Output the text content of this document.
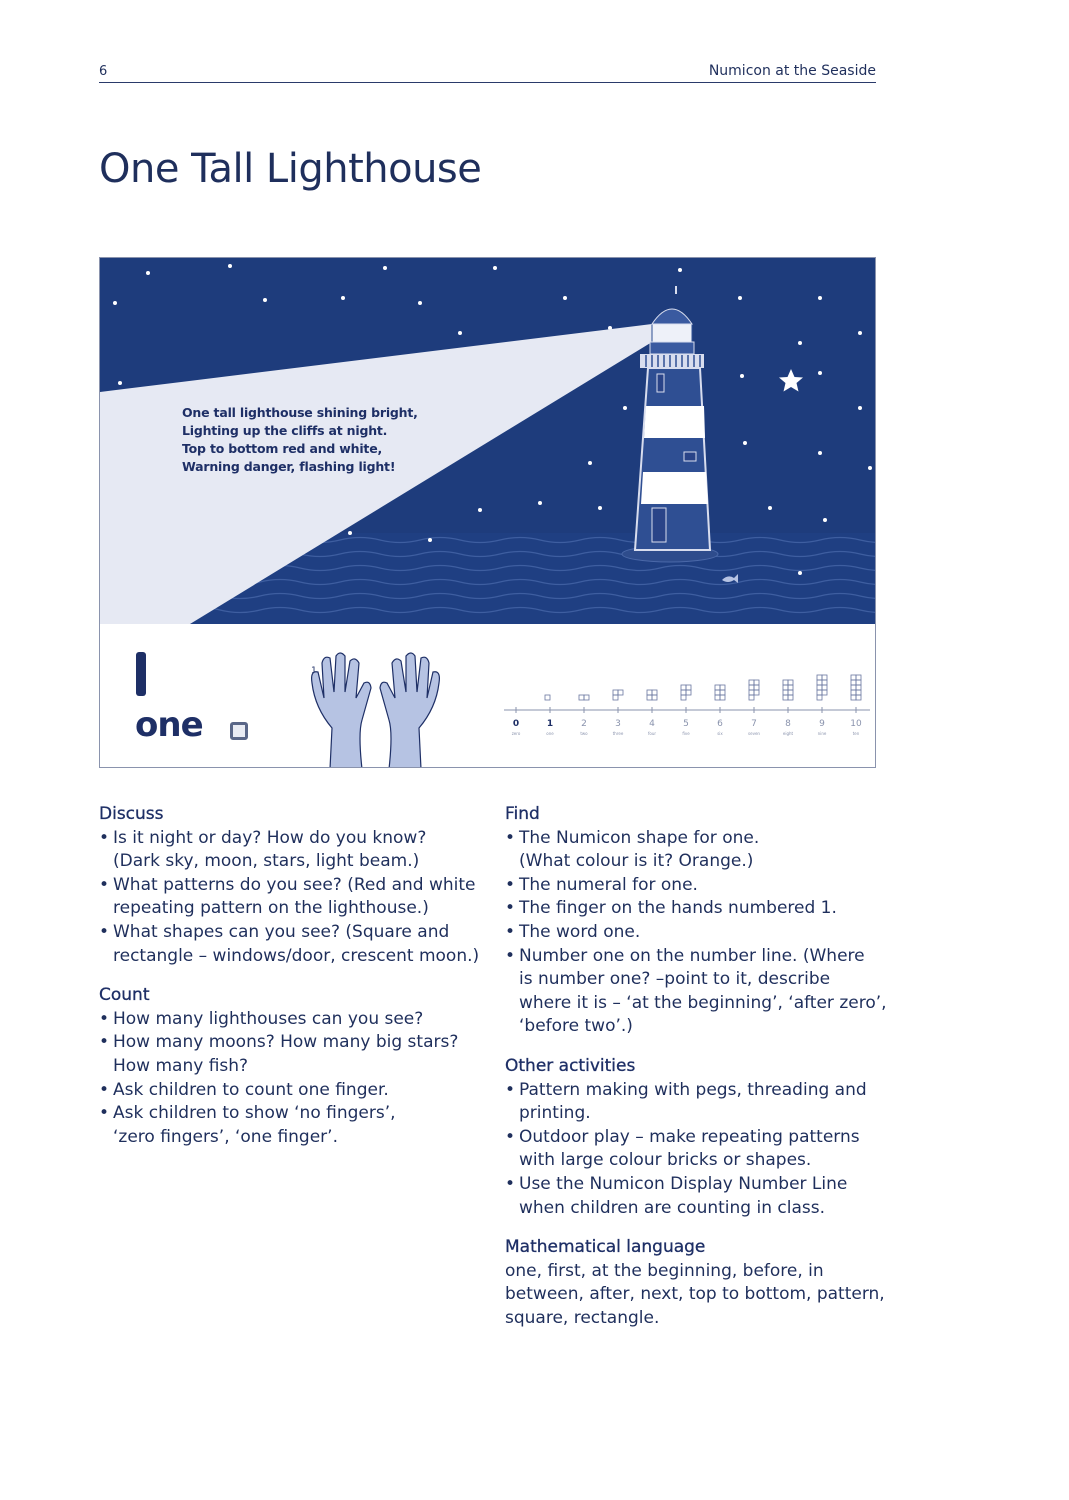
6	Numicon at the Seaside
One Tall Lighthouse
One tall lighthouse shining bright,
Lighting up the cliffs at night.
Top to bottom red and white,
Warning danger, flashing light!
one
1
0
zero
1
one
2
two
3
three
4
four
5
five
6
six
7
seven
8
eight
9
nine
10
ten
Discuss
• Is it night or day? How do you know?
(Dark sky, moon, stars, light beam.)
• What patterns do you see? (Red and white
repeating pattern on the lighthouse.)
• What shapes can you see? (Square and
rectangle – windows/door, crescent moon.)
Count
• How many lighthouses can you see?
• How many moons? How many big stars?
How many fish?
• Ask children to count one finger.
• Ask children to show ‘no fingers’,
‘zero fingers’, ‘one finger’.
Find
• The Numicon shape for one.
(What colour is it? Orange.)
• The numeral for one.
• The finger on the hands numbered 1.
• The word one.
• Number one on the number line. (Where
is number one? –point to it, describe
where it is – ‘at the beginning’, ‘after zero’,
‘before two’.)
Other activities
• Pattern making with pegs, threading and
printing.
• Outdoor play – make repeating patterns
with large colour bricks or shapes.
• Use the Numicon Display Number Line
when children are counting in class.
Mathematical language

one, first, at the beginning, before, in
between, after, next, top to bottom, pattern,
square, rectangle.
